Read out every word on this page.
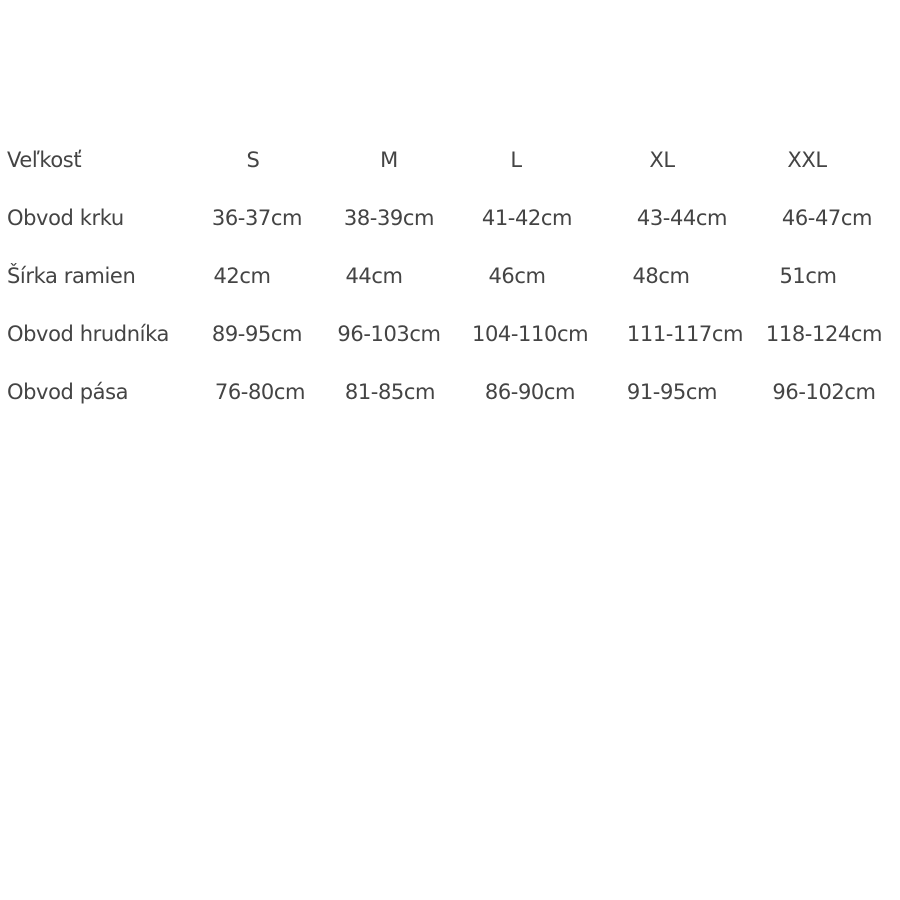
Veľkosť	S	M	L	XL	XXL
Obvod krku	36-37cm	38-39cm	41-42cm	43-44cm	46-47cm
Šírka ramien	42cm	44cm	46cm	48cm	51cm
Obvod hrudníka	89-95cm	96-103cm 104-110cm 111-117cm 118-124cm
Obvod pása	76-80cm	81-85cm	86-90cm	91-95cm	96-102cm
